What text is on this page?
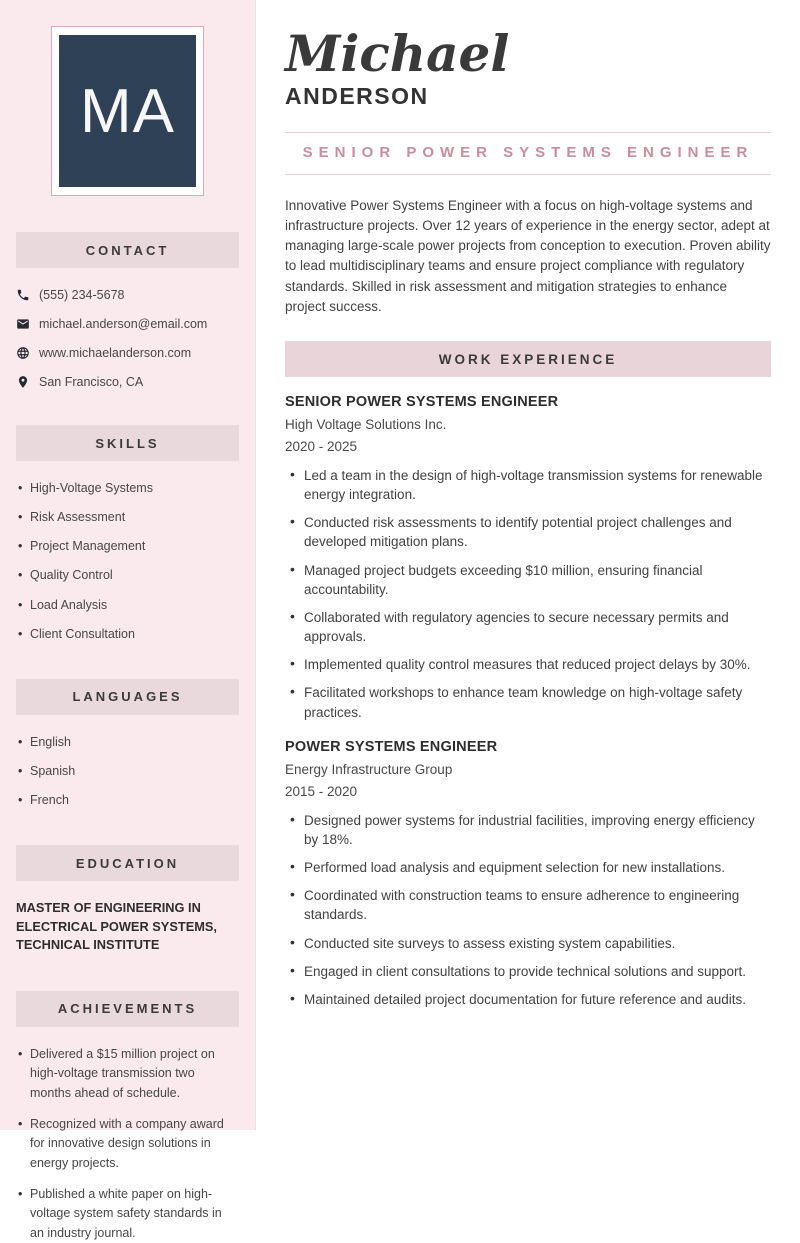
MA
CONTACT
(555) 234-5678
michael.anderson@email.com
www.michaelanderson.com
San Francisco, CA
SKILLS
• High-Voltage Systems
• Risk Assessment
• Project Management
• Quality Control
• Load Analysis
• Client Consultation
LANGUAGES
• English
• Spanish
• French
EDUCATION
MASTER OF ENGINEERING IN ELECTRICAL POWER SYSTEMS, TECHNICAL INSTITUTE
ACHIEVEMENTS
• Delivered a $15 million project on high-voltage transmission two months ahead of schedule.
• Recognized with a company award for innovative design solutions in energy projects.
• Published a white paper on high-voltage system safety standards in an industry journal.
Michael
ANDERSON
SENIOR POWER SYSTEMS ENGINEER

Innovative Power Systems Engineer with a focus on high-voltage systems and infrastructure projects. Over 12 years of experience in the energy sector, adept at managing large-scale power projects from conception to execution. Proven ability to lead multidisciplinary teams and ensure project compliance with regulatory standards. Skilled in risk assessment and mitigation strategies to enhance project success.

WORK EXPERIENCE
SENIOR POWER SYSTEMS ENGINEER
High Voltage Solutions Inc.
2020 - 2025
• Led a team in the design of high-voltage transmission systems for renewable energy integration.
• Conducted risk assessments to identify potential project challenges and developed mitigation plans.
• Managed project budgets exceeding $10 million, ensuring financial accountability.
• Collaborated with regulatory agencies to secure necessary permits and approvals.
• Implemented quality control measures that reduced project delays by 30%.
• Facilitated workshops to enhance team knowledge on high-voltage safety practices.
POWER SYSTEMS ENGINEER
Energy Infrastructure Group
2015 - 2020
• Designed power systems for industrial facilities, improving energy efficiency by 18%.
• Performed load analysis and equipment selection for new installations.
• Coordinated with construction teams to ensure adherence to engineering standards.
• Conducted site surveys to assess existing system capabilities.
• Engaged in client consultations to provide technical solutions and support.
• Maintained detailed project documentation for future reference and audits.
